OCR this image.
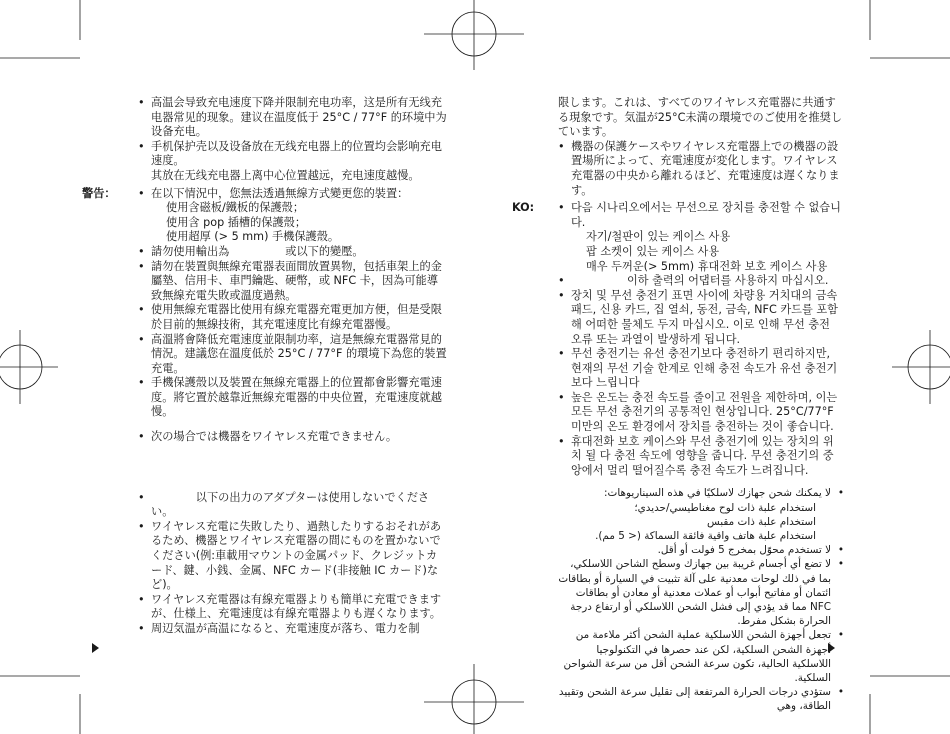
• 高温会导致充电速度下降并限制充电功率，这是所有无线充电器常见的现象。建议在温度低于 25°C / 77°F 的环境中为设备充电。

• 手机保护壳以及设备放在无线充电器上的位置均会影响充电速度。

其放在无线充电器上离中心位置越远，充电速度越慢。

警告：	• 在以下情況中，您無法透過無線方式變更您的裝置：

使用含磁板/鐵板的保護殼；

使用含 pop 插槽的保護殼；

使用超厚 (> 5 mm) 手機保護殼。

• 請勿使用輸出為　　　　　或以下的變壓。

• 請勿在裝置與無線充電器表面間放置異物，包括車架上的金屬墊、信用卡、車門鑰匙、硬幣，或 NFC 卡，因為可能導致無線充電失敗或溫度過熱。

• 使用無線充電器比使用有線充電器充電更加方便，但是受限於目前的無線技術，其充電速度比有線充電器慢。

• 高溫將會降低充電速度並限制功率，這是無線充電器常見的情況。建議您在溫度低於 25°C / 77°F 的環境下為您的裝置充電。

• 手機保護殼以及裝置在無線充電器上的位置都會影響充電速度。將它置於越靠近無線充電器的中央位置，充電速度就越慢。

• 次の場合では機器をワイヤレス充電できません。

• 　　　　以下の出力のアダプターは使用しないでください。

• ワイヤレス充電に失敗したり、過熱したりするおそれがあるため、機器とワイヤレス充電器の間にものを置かないでください(例:車載用マウントの金属パッド、クレジットカード、鍵、小銭、金属、NFC カード(非接触 IC カード)など)。

• ワイヤレス充電器は有線充電器よりも簡単に充電できますが、仕様上、充電速度は有線充電器よりも遅くなります。

• 周辺気温が高温になると、充電速度が落ち、電力を制

限します。これは、すべてのワイヤレス充電器に共通する現象です。気温が25°C未満の環境でのご使用を推奨しています。

• 機器の保護ケースやワイヤレス充電器上での機器の設置場所によって、充電速度が変化します。ワイヤレス充電器の中央から離れるほど、充電速度は遅くなります。

KO:	• 다음 시나리오에서는 무선으로 장치를 충전할 수 없습니다.

자기/철판이 있는 케이스 사용

팝 소켓이 있는 케이스 사용

매우 두꺼운(> 5mm) 휴대전화 보호 케이스 사용

• 　　　　　이하 출력의 어댑터를 사용하지 마십시오.

• 장치 및 무선 충전기 표면 사이에 차량용 거치대의 금속 패드, 신용 카드, 집 열쇠, 동전, 금속, NFC 카드를 포함해 어떠한 물체도 두지 마십시오. 이로 인해 무선 충전 오류 또는 과열이 발생하게 됩니다.

• 무선 충전기는 유선 충전기보다 충전하기 편리하지만, 현재의 무선 기술 한계로 인해 충전 속도가 유선 충전기보다 느립니다

• 높은 온도는 충전 속도를 줄이고 전원을 제한하며, 이는 모든 무선 충전기의 공통적인 현상입니다. 25°C/77°F 미만의 온도 환경에서 장치를 충전하는 것이 좋습니다.

• 휴대전화 보호 케이스와 무선 충전기에 있는 장치의 위치 될 다 충전 속도에 영향을 줍니다. 무선 충전기의 중앙에서 멀리 떨어질수록 충전 속도가 느려집니다.

• لا يمكنك شحن جهازك لاسلكيًا في هذه السيناريوهات:

استخدام علبة ذات لوح مغناطيسي/حديدي؛

استخدام علبة ذات مقبس

استخدام علبة هاتف واقية فائقة السماكة (< 5 مم).

• لا تستخدم محوّل بمخرج 5 فولت أو أقل.

• لا تضع أي أجسام غريبة بين جهازك وسطح الشاحن اللاسلكي، بما في ذلك لوحات معدنية على آلة تثبيت في السيارة أو بطاقات ائتمان أو مفاتيح أبواب أو عملات معدنية أو معادن أو بطاقات NFC مما قد يؤدي إلى فشل الشحن اللاسلكي أو ارتفاع درجة الحرارة بشكل مفرط.

• تجعل أجهزة الشحن اللاسلكية عملية الشحن أكثر ملاءمة من أجهزة الشحن السلكية، لكن عند حصرها في التكنولوجيا اللاسلكية الحالية، تكون سرعة الشحن أقل من سرعة الشواحن السلكية.

• ستؤدي درجات الحرارة المرتفعة إلى تقليل سرعة الشحن وتقييد الطاقة، وهي
